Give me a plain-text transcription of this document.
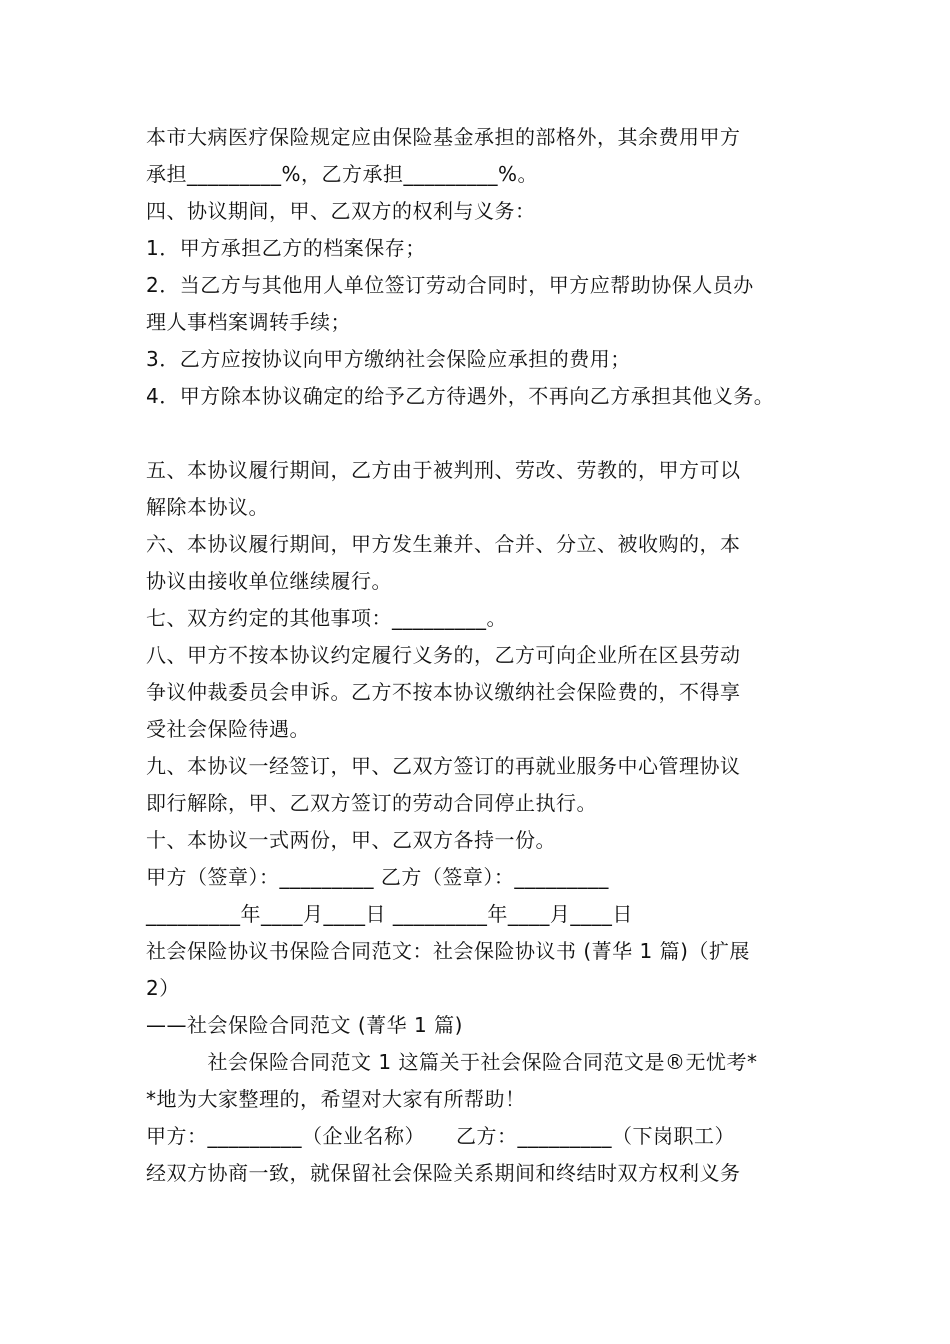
本市大病医疗保险规定应由保险基金承担的部格外，其余费用甲方
承担_________%，乙方承担_________%。
四、协议期间，甲、乙双方的权利与义务：
1．甲方承担乙方的档案保存；
2．当乙方与其他用人单位签订劳动合同时，甲方应帮助协保人员办
理人事档案调转手续；
3．乙方应按协议向甲方缴纳社会保险应承担的费用；
4．甲方除本协议确定的给予乙方待遇外，不再向乙方承担其他义务。
五、本协议履行期间，乙方由于被判刑、劳改、劳教的，甲方可以
解除本协议。
六、本协议履行期间，甲方发生兼并、合并、分立、被收购的，本
协议由接收单位继续履行。
七、双方约定的其他事项：_________。
八、甲方不按本协议约定履行义务的，乙方可向企业所在区县劳动
争议仲裁委员会申诉。乙方不按本协议缴纳社会保险费的，不得享
受社会保险待遇。
九、本协议一经签订，甲、乙双方签订的再就业服务中心管理协议
即行解除，甲、乙双方签订的劳动合同停止执行。
十、本协议一式两份，甲、乙双方各持一份。
甲方（签章）：_________ 乙方（签章）：_________
_________年____月____日 _________年____月____日
社会保险协议书保险合同范文：社会保险协议书 (菁华 1 篇)（扩展
2）
——社会保险合同范文 (菁华 1 篇)
　　　社会保险合同范文 1 这篇关于社会保险合同范文是®无忧考*
*地为大家整理的，希望对大家有所帮助！
甲方：_________（企业名称）　　乙方：_________（下岗职工）
经双方协商一致，就保留社会保险关系期间和终结时双方权利义务
